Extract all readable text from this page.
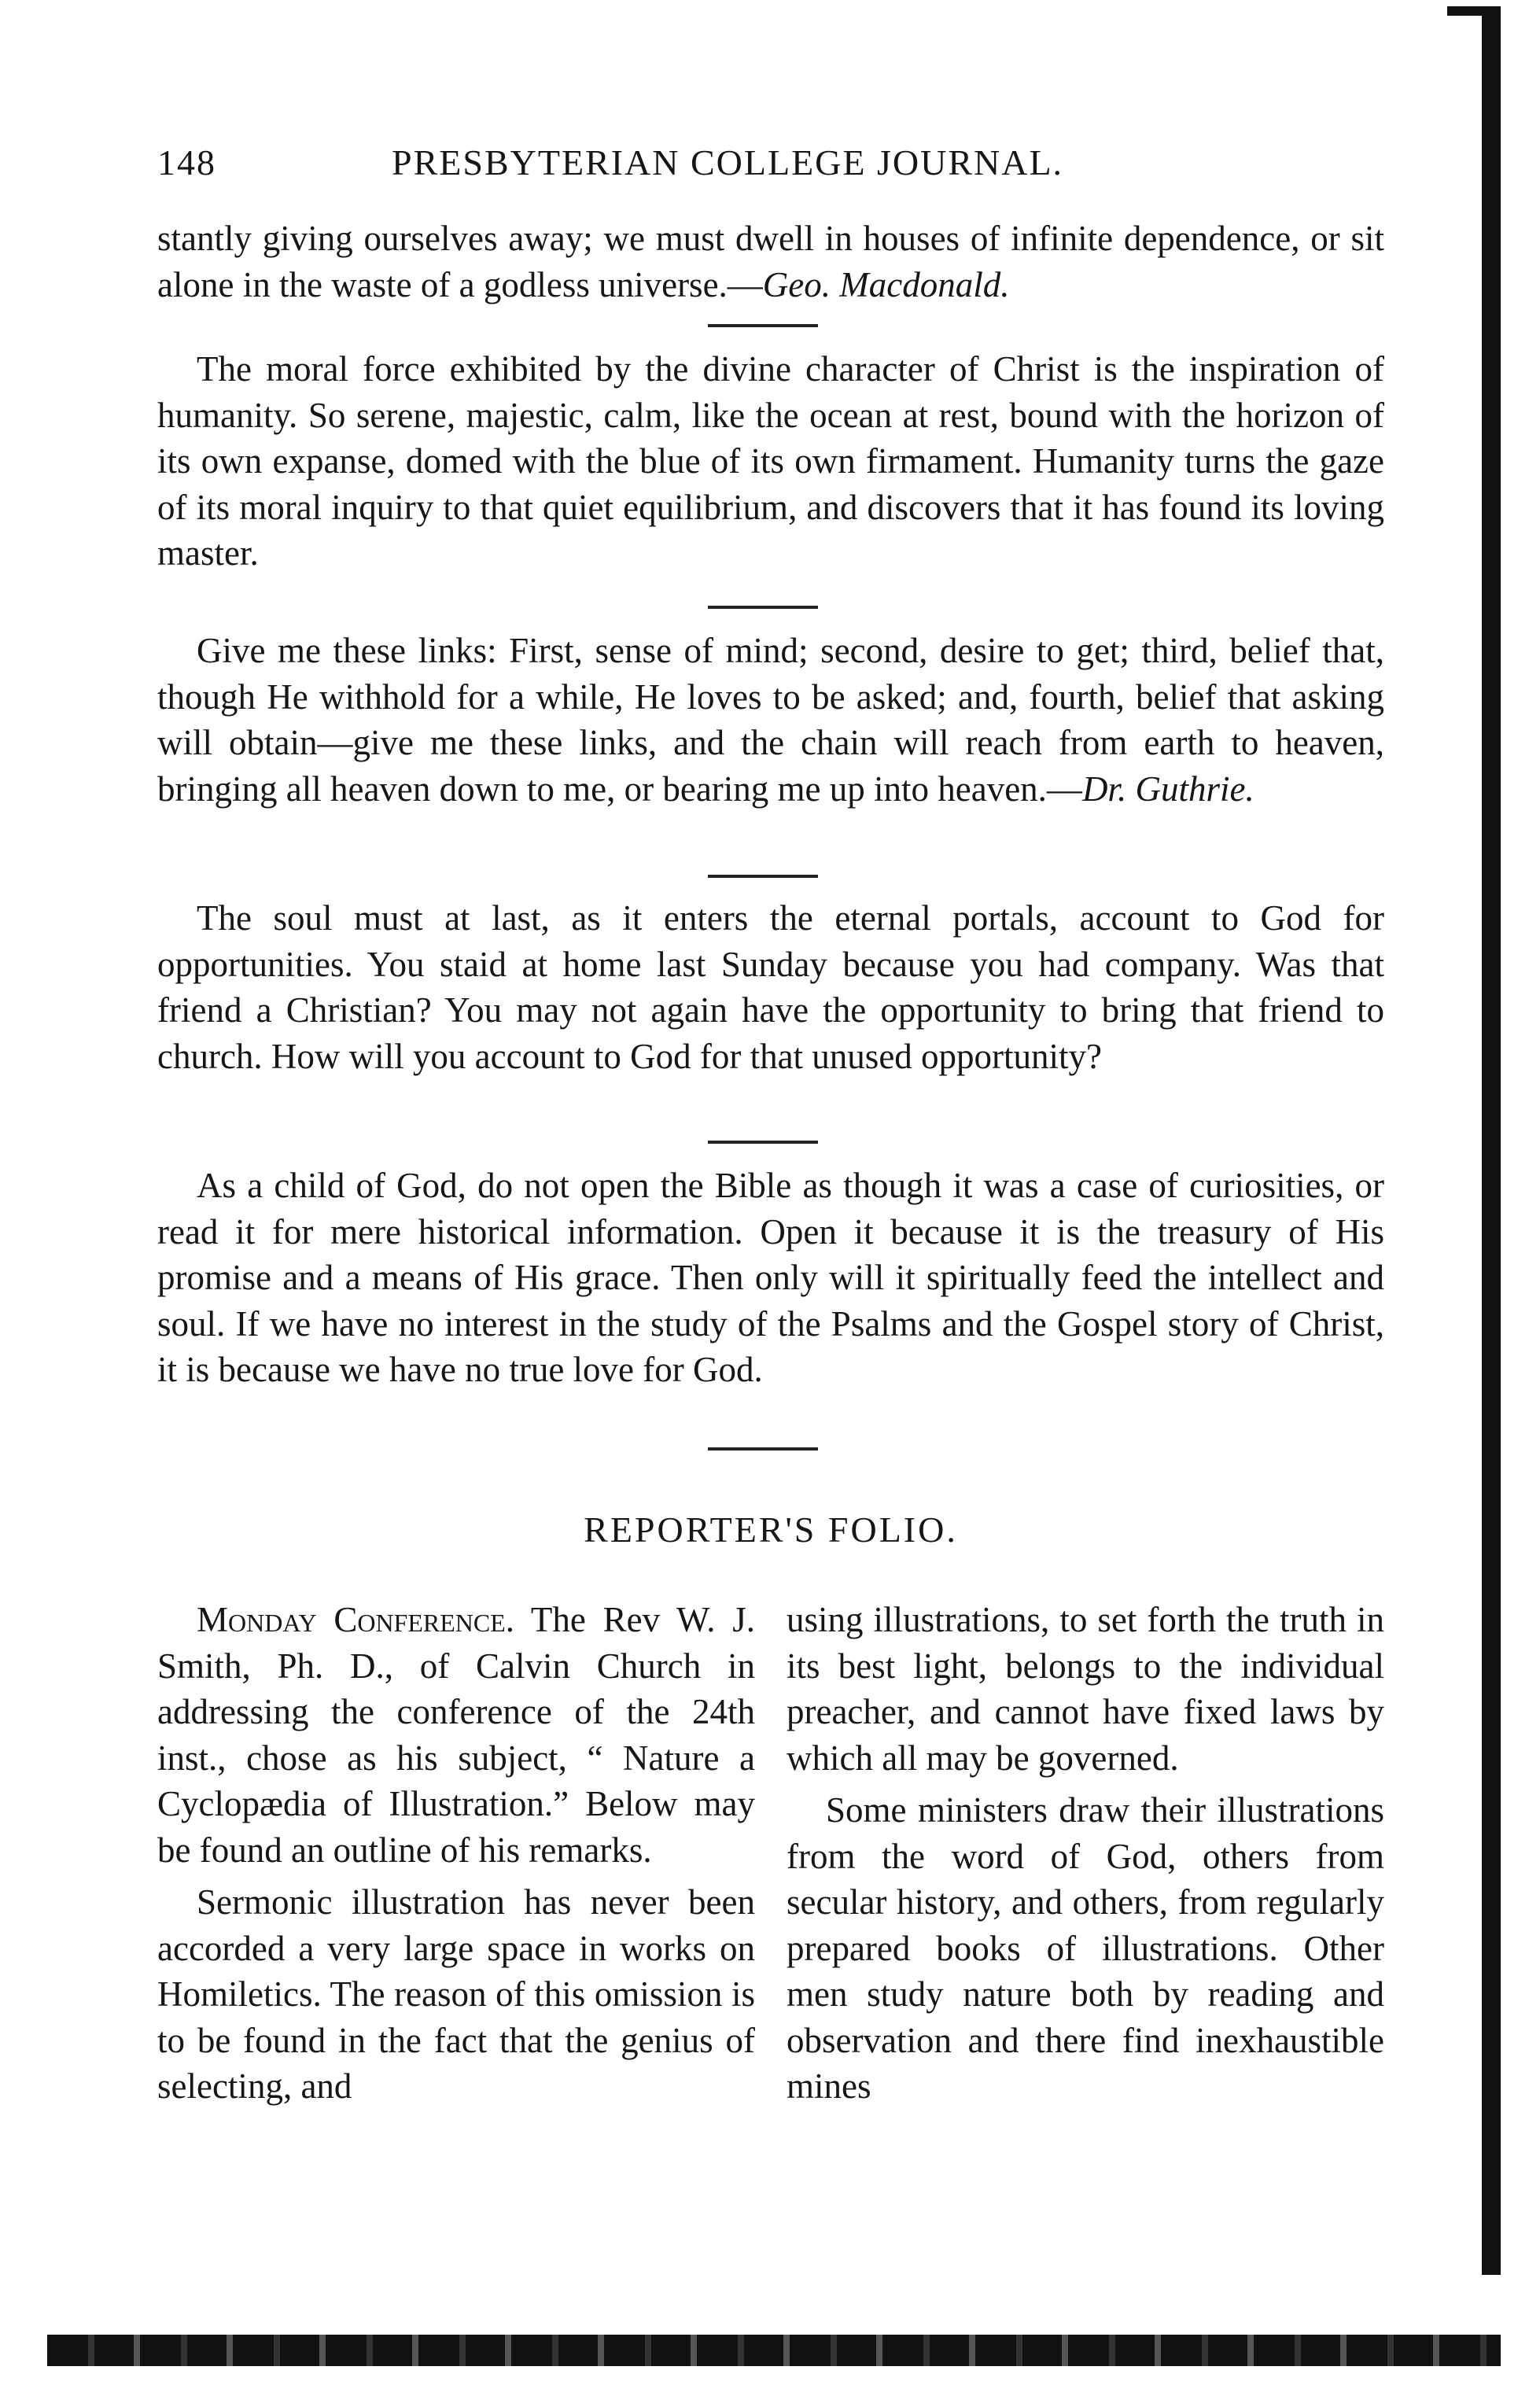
148	PRESBYTERIAN COLLEGE JOURNAL.

stantly giving ourselves away; we must dwell in houses of infinite dependence, or sit alone in the waste of a godless universe.—Geo. Macdonald.

The moral force exhibited by the divine character of Christ is the inspiration of humanity. So serene, majestic, calm, like the ocean at rest, bound with the horizon of its own expanse, domed with the blue of its own firmament. Humanity turns the gaze of its moral inquiry to that quiet equilibrium, and discovers that it has found its loving master.

Give me these links: First, sense of mind; second, desire to get; third, belief that, though He withhold for a while, He loves to be asked; and, fourth, belief that asking will obtain—give me these links, and the chain will reach from earth to heaven, bringing all heaven down to me, or bearing me up into heaven.—Dr. Guthrie.

The soul must at last, as it enters the eternal portals, account to God for opportunities. You staid at home last Sunday because you had company. Was that friend a Christian? You may not again have the opportunity to bring that friend to church. How will you account to God for that unused opportunity?

As a child of God, do not open the Bible as though it was a case of curiosities, or read it for mere historical information. Open it because it is the treasury of His promise and a means of His grace. Then only will it spiritually feed the intellect and soul. If we have no interest in the study of the Psalms and the Gospel story of Christ, it is because we have no true love for God.

REPORTER'S FOLIO.

Monday Conference. The Rev W. J. Smith, Ph. D., of Calvin Church in addressing the conference of the 24th inst., chose as his subject, “ Nature a Cyclopædia of Illustration.” Below may be found an outline of his remarks.

Sermonic illustration has never been accorded a very large space in works on Homiletics. The reason of this omission is to be found in the fact that the genius of selecting, and

using illustrations, to set forth the truth in its best light, belongs to the individual preacher, and cannot have fixed laws by which all may be governed.

Some ministers draw their illustrations from the word of God, others from secular history, and others, from regularly prepared books of illustrations. Other men study nature both by reading and observation and there find inexhaustible mines
